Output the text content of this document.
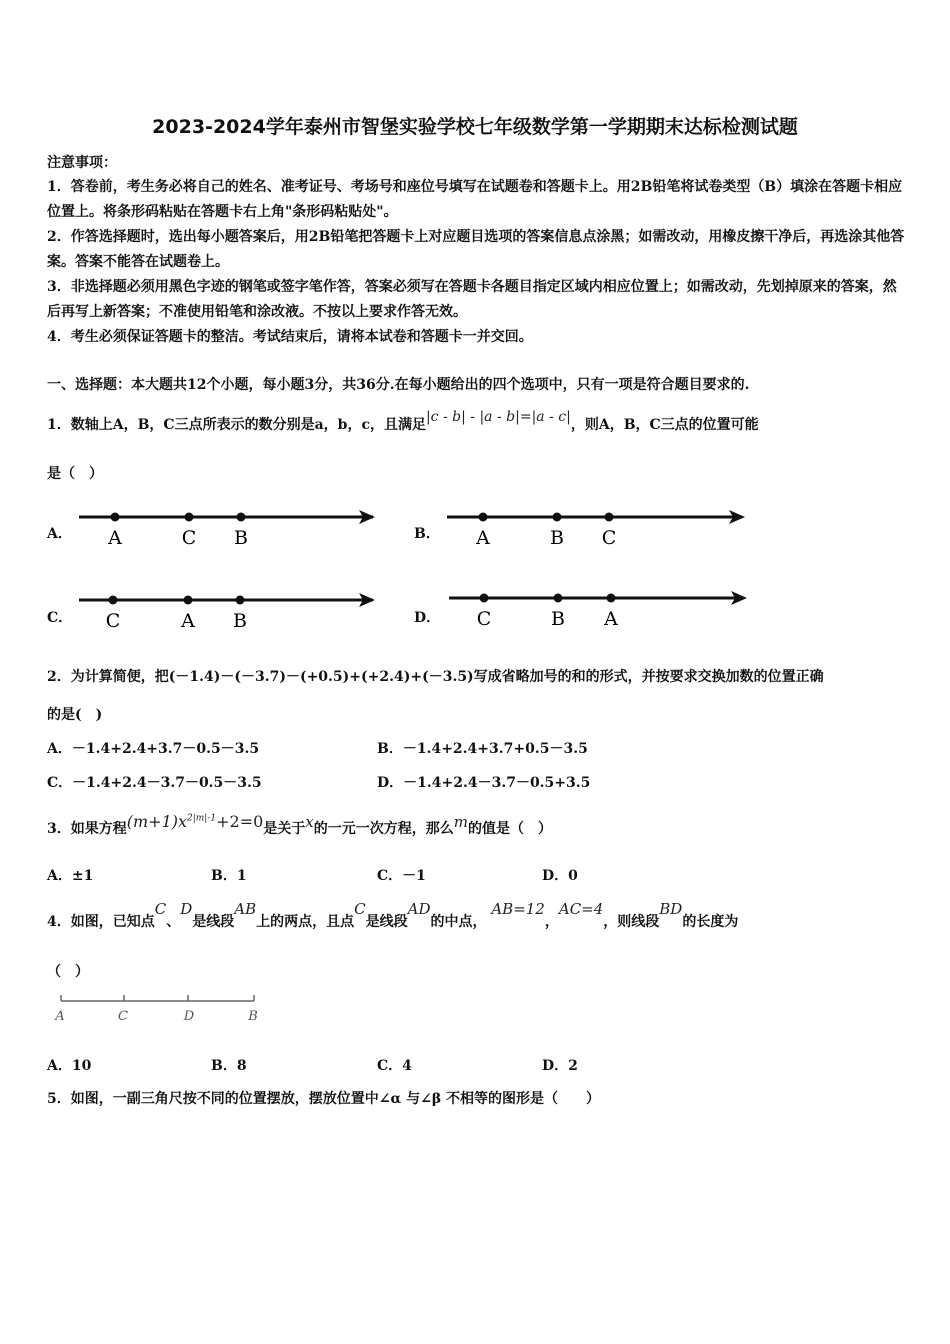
2023-2024学年泰州市智堡实验学校七年级数学第一学期期末达标检测试题
注意事项：
1．答卷前，考生务必将自己的姓名、准考证号、考场号和座位号填写在试题卷和答题卡上。用2B铅笔将试卷类型（B）填涂在答题卡相应位置上。将条形码粘贴在答题卡右上角"条形码粘贴处"。
2．作答选择题时，选出每小题答案后，用2B铅笔把答题卡上对应题目选项的答案信息点涂黑；如需改动，用橡皮擦干净后，再选涂其他答案。答案不能答在试题卷上。
3．非选择题必须用黑色字迹的钢笔或签字笔作答，答案必须写在答题卡各题目指定区域内相应位置上；如需改动，先划掉原来的答案，然后再写上新答案；不准使用铅笔和涂改液。不按以上要求作答无效。
4．考生必须保证答题卡的整洁。考试结束后，请将本试卷和答题卡一并交回。
一、选择题：本大题共12个小题，每小题3分，共36分.在每小题给出的四个选项中，只有一项是符合题目要求的.
1．数轴上A，B，C三点所表示的数分别是a，b，c，且满足|c - b| - |a - b|=|a - c|，则A，B，C三点的位置可能
是（　）
A． A	C B	B． A	B C
C． C	A B	D． C	B A
2．为计算简便，把(－1.4)－(－3.7)－(+0.5)+(+2.4)+(－3.5)写成省略加号的和的形式，并按要求交换加数的位置正确
的是(　)
A．－1.4+2.4+3.7－0.5－3.5	B．－1.4+2.4+3.7+0.5－3.5
C．－1.4+2.4－3.7－0.5－3.5	D．－1.4+2.4－3.7－0.5+3.5
3．如果方程$(m+1)x^{2|m|-1}+2=0$是关于x的一元一次方程，那么m的值是（　）
A．±1	B．1	C．－1	D．0
4．如图，已知点C、D是线段AB上的两点，且点C是线段AD的中点， AB=12，AC=4，则线段BD的长度为
（　）
A	C	D	B
A．10	B．8	C．4	D．2
5．如图，一副三角尺按不同的位置摆放，摆放位置中∠α 与∠β 不相等的图形是（　　）
